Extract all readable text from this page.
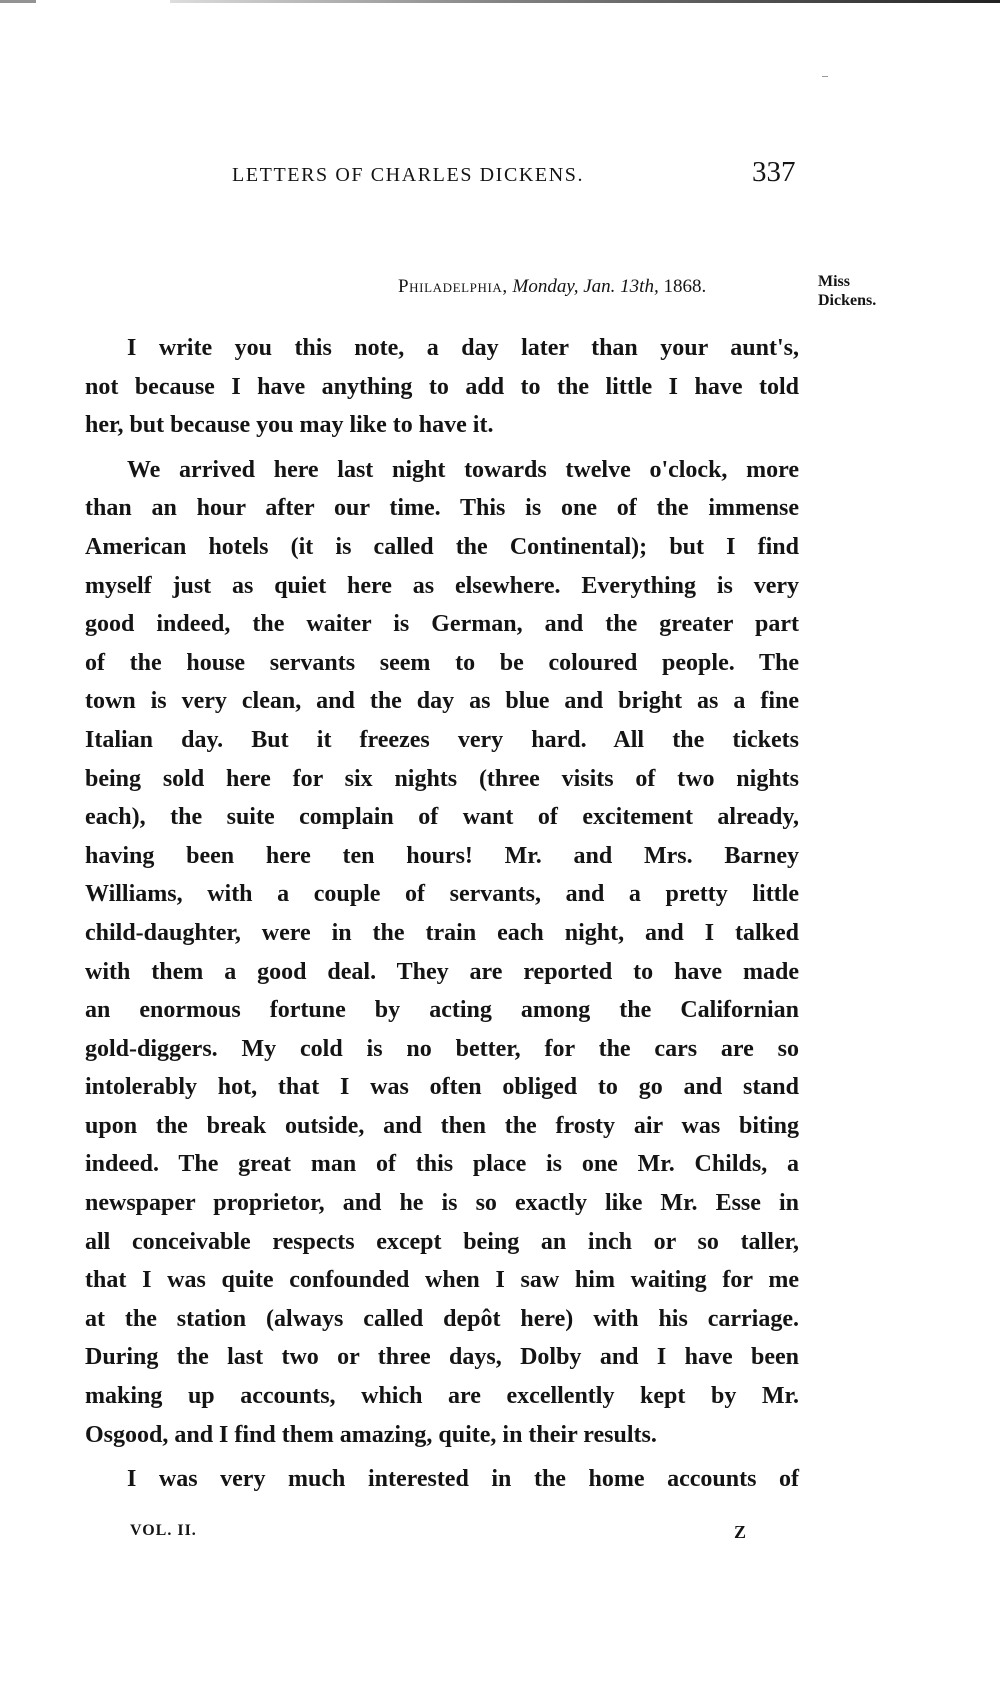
LETTERS OF CHARLES DICKENS.	337
Philadelphia, Monday, Jan. 13th, 1868.	Miss
Dickens.
I write you this note, a day later than your aunt's,
not because I have anything to add to the little I have told
her, but because you may like to have it.
We arrived here last night towards twelve o'clock, more
than an hour after our time. This is one of the immense
American hotels (it is called the Continental); but I find
myself just as quiet here as elsewhere. Everything is very
good indeed, the waiter is German, and the greater part
of the house servants seem to be coloured people. The
town is very clean, and the day as blue and bright as a fine
Italian day. But it freezes very hard. All the tickets
being sold here for six nights (three visits of two nights
each), the suite complain of want of excitement already,
having been here ten hours! Mr. and Mrs. Barney
Williams, with a couple of servants, and a pretty little
child-daughter, were in the train each night, and I talked
with them a good deal. They are reported to have made
an enormous fortune by acting among the Californian
gold-diggers. My cold is no better, for the cars are so
intolerably hot, that I was often obliged to go and stand
upon the break outside, and then the frosty air was biting
indeed. The great man of this place is one Mr. Childs, a
newspaper proprietor, and he is so exactly like Mr. Esse in
all conceivable respects except being an inch or so taller,
that I was quite confounded when I saw him waiting for me
at the station (always called depôt here) with his carriage.
During the last two or three days, Dolby and I have been
making up accounts, which are excellently kept by Mr.
Osgood, and I find them amazing, quite, in their results.
I was very much interested in the home accounts of
VOL. II.	Z
